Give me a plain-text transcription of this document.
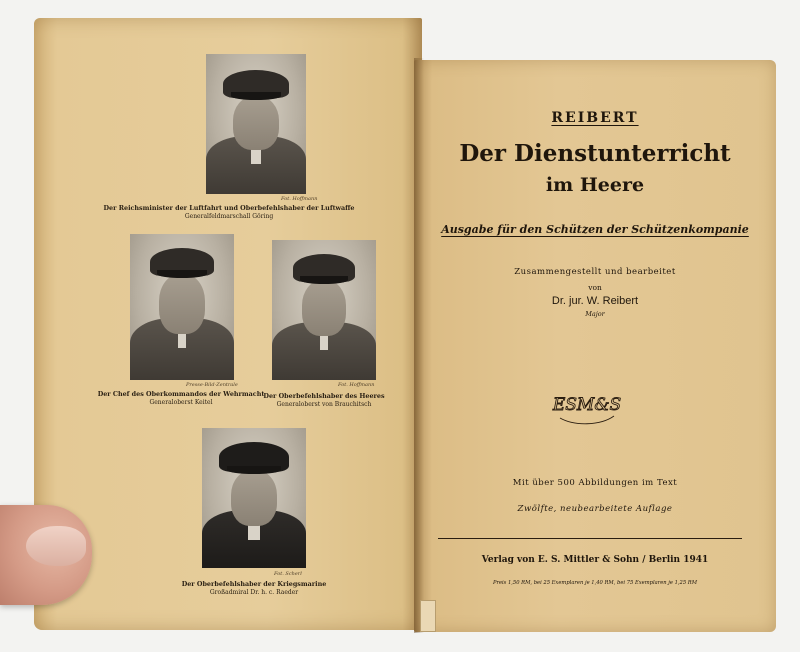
Fot. Hoffmann
Der Reichsminister der Luftfahrt und Oberbefehlshaber der Luftwaffe
Generalfeldmarschall Göring
Presse-Bild-Zentrale
Der Chef des Oberkommandos der Wehrmacht
Generaloberst Keitel
Fot. Hoffmann
Der Oberbefehlshaber des Heeres
Generaloberst von Brauchitsch
Fot. Scherl
Der Oberbefehlshaber der Kriegsmarine
Großadmiral Dr. h. c. Raeder
REIBERT
Der Dienstunterricht
im Heere
Ausgabe für den Schützen der Schützenkompanie
Zusammengestellt und bearbeitet
von
Dr. jur. W. Reibert
Major
ESM&S
Mit über 500 Abbildungen im Text
Zwölfte, neubearbeitete Auflage
Verlag von E. S. Mittler & Sohn / Berlin 1941
Preis 1,50 RM, bei 25 Exemplaren je 1,40 RM, bei 75 Exemplaren je 1,25 RM
